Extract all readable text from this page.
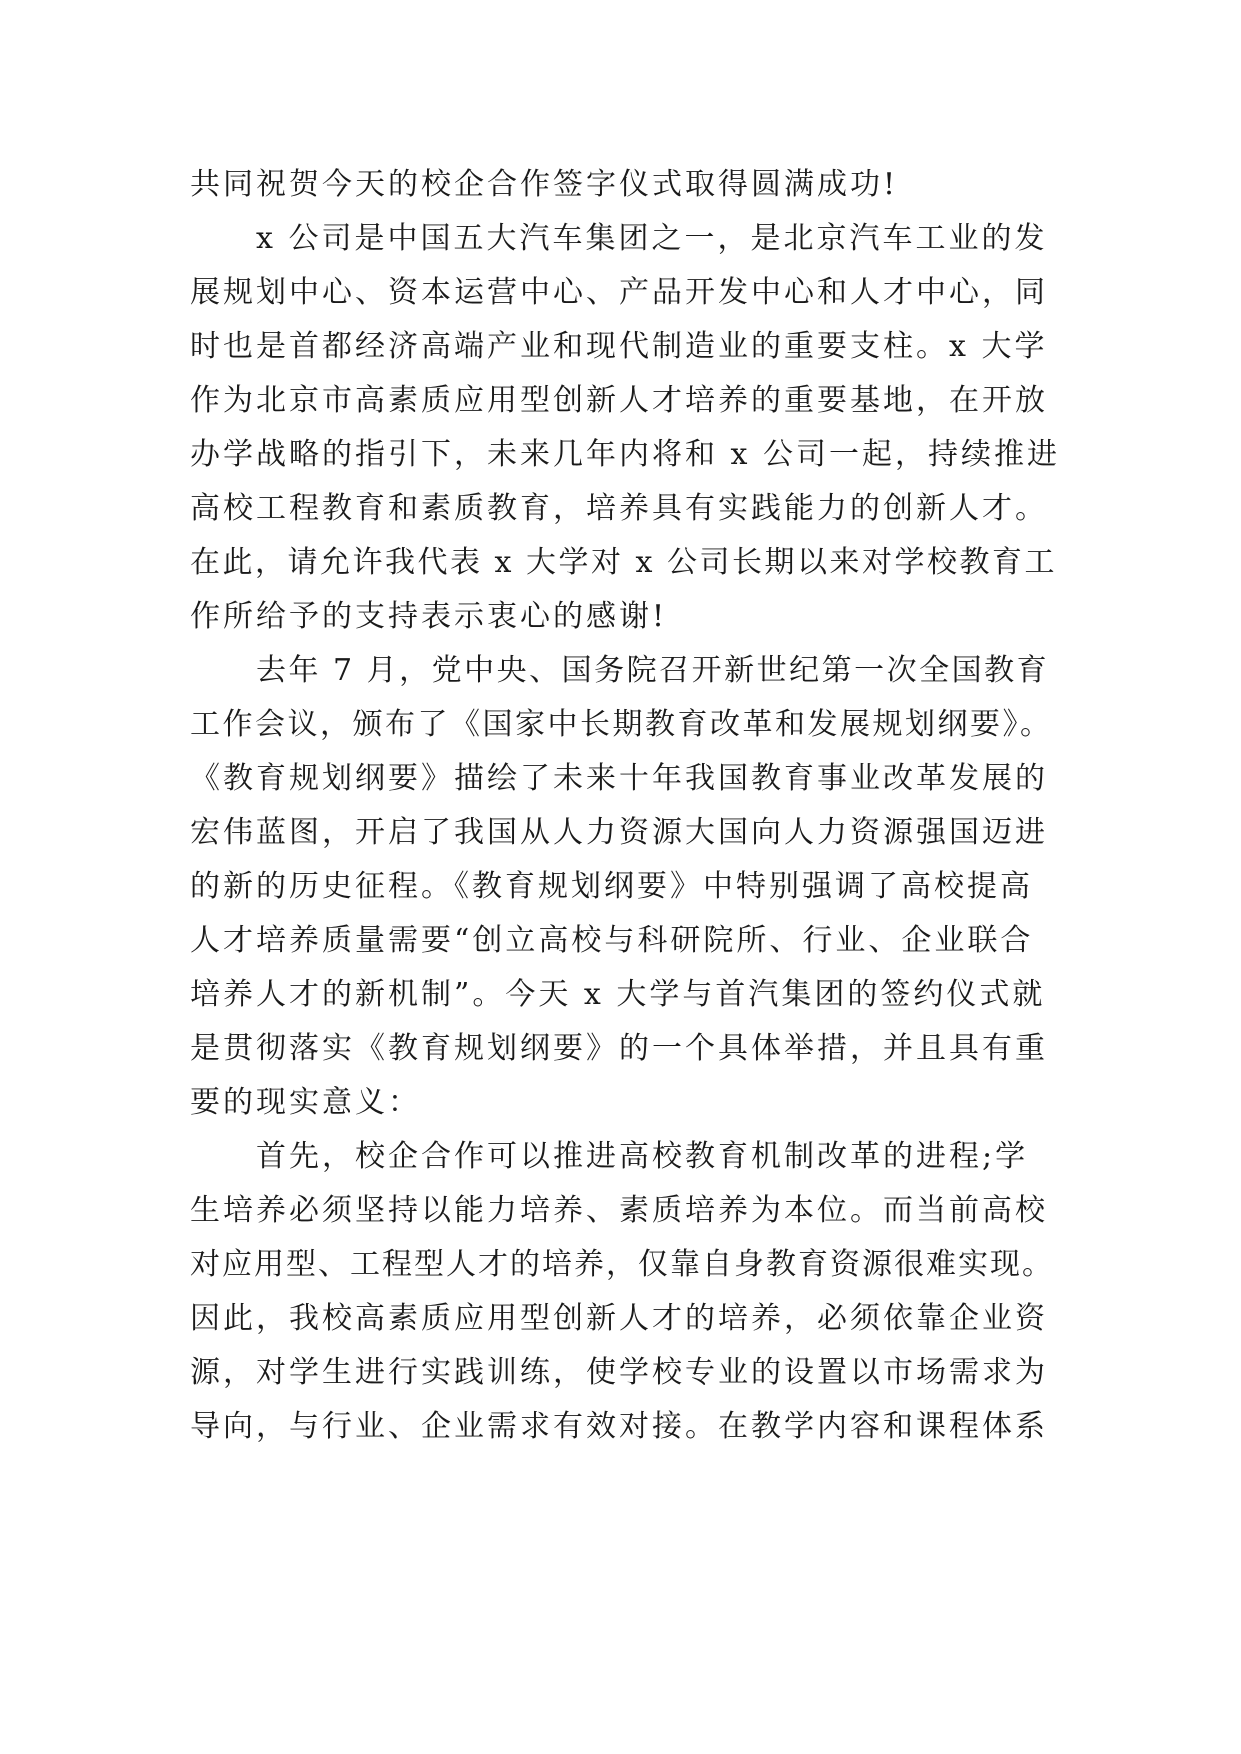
共同祝贺今天的校企合作签字仪式取得圆满成功!
x 公司是中国五大汽车集团之一，是北京汽车工业的发
展规划中心、资本运营中心、产品开发中心和人才中心，同
时也是首都经济高端产业和现代制造业的重要支柱。x 大学
作为北京市高素质应用型创新人才培养的重要基地，在开放
办学战略的指引下，未来几年内将和 x 公司一起，持续推进
高校工程教育和素质教育，培养具有实践能力的创新人才。
在此，请允许我代表 x 大学对 x 公司长期以来对学校教育工
作所给予的支持表示衷心的感谢!
去年 7 月，党中央、国务院召开新世纪第一次全国教育
工作会议，颁布了《国家中长期教育改革和发展规划纲要》。
《教育规划纲要》描绘了未来十年我国教育事业改革发展的
宏伟蓝图，开启了我国从人力资源大国向人力资源强国迈进
的新的历史征程。《教育规划纲要》中特别强调了高校提高
人才培养质量需要“创立高校与科研院所、行业、企业联合
培养人才的新机制”。今天 x 大学与首汽集团的签约仪式就
是贯彻落实《教育规划纲要》的一个具体举措，并且具有重
要的现实意义：
首先，校企合作可以推进高校教育机制改革的进程;学
生培养必须坚持以能力培养、素质培养为本位。而当前高校
对应用型、工程型人才的培养，仅靠自身教育资源很难实现。
因此，我校高素质应用型创新人才的培养，必须依靠企业资
源，对学生进行实践训练，使学校专业的设置以市场需求为
导向，与行业、企业需求有效对接。在教学内容和课程体系
